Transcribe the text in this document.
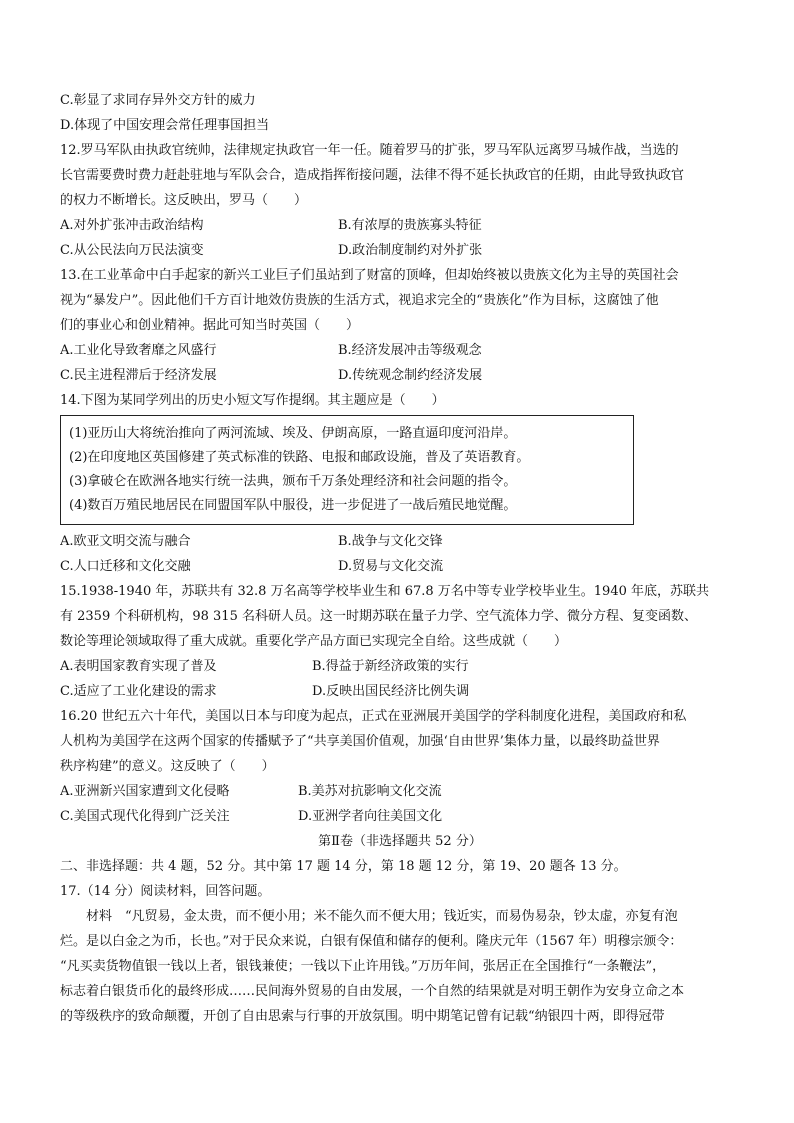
C.彰显了求同存异外交方针的威力
D.体现了中国安理会常任理事国担当
12.罗马军队由执政官统帅，法律规定执政官一年一任。随着罗马的扩张，罗马军队远离罗马城作战，当选的
长官需要费时费力赶赴驻地与军队会合，造成指挥衔接问题，法律不得不延长执政官的任期，由此导致执政官
的权力不断增长。这反映出，罗马（　　）
A.对外扩张冲击政治结构	B.有浓厚的贵族寡头特征
C.从公民法向万民法演变	D.政治制度制约对外扩张
13.在工业革命中白手起家的新兴工业巨子们虽站到了财富的顶峰，但却始终被以贵族文化为主导的英国社会
视为“暴发户”。因此他们千方百计地效仿贵族的生活方式，视追求完全的“贵族化”作为目标，这腐蚀了他
们的事业心和创业精神。据此可知当时英国（　　）
A.工业化导致奢靡之风盛行	B.经济发展冲击等级观念
C.民主进程滞后于经济发展	D.传统观念制约经济发展
14.下图为某同学列出的历史小短文写作提纲。其主题应是（　　）
(1)亚历山大将统治推向了两河流域、埃及、伊朗高原，一路直逼印度河沿岸。
(2)在印度地区英国修建了英式标准的铁路、电报和邮政设施，普及了英语教育。
(3)拿破仑在欧洲各地实行统一法典，颁布千万条处理经济和社会问题的指令。
(4)数百万殖民地居民在同盟国军队中服役，进一步促进了一战后殖民地觉醒。
A.欧亚文明交流与融合	B.战争与文化交锋
C.人口迁移和文化交融	D.贸易与文化交流
15.1938-1940 年，苏联共有 32.8 万名高等学校毕业生和 67.8 万名中等专业学校毕业生。1940 年底，苏联共
有 2359 个科研机构，98 315 名科研人员。这一时期苏联在量子力学、空气流体力学、微分方程、复变函数、
数论等理论领域取得了重大成就。重要化学产品方面已实现完全自给。这些成就（　　）
A.表明国家教育实现了普及	B.得益于新经济政策的实行
C.适应了工业化建设的需求	D.反映出国民经济比例失调
16.20 世纪五六十年代，美国以日本与印度为起点，正式在亚洲展开美国学的学科制度化进程，美国政府和私
人机构为美国学在这两个国家的传播赋予了“共享美国价值观，加强‘自由世界’集体力量，以最终助益世界
秩序构建”的意义。这反映了（　　）
A.亚洲新兴国家遭到文化侵略	B.美苏对抗影响文化交流
C.美国式现代化得到广泛关注	D.亚洲学者向往美国文化
第Ⅱ卷（非选择题共 52 分）
二、非选择题：共 4 题，52 分。其中第 17 题 14 分，第 18 题 12 分，第 19、20 题各 13 分。
17.（14 分）阅读材料，回答问题。
材料　“凡贸易，金太贵，而不便小用；米不能久而不便大用；钱近实，而易伪易杂，钞太虚，亦复有泡
烂。是以白金之为币，长也。”对于民众来说，白银有保值和储存的便利。隆庆元年（1567 年）明穆宗颁令：
“凡买卖货物值银一钱以上者，银钱兼使；一钱以下止许用钱。”万历年间，张居正在全国推行“一条鞭法”，
标志着白银货币化的最终形成……民间海外贸易的自由发展，一个自然的结果就是对明王朝作为安身立命之本
的等级秩序的致命颠覆，开创了自由思索与行事的开放氛围。明中期笔记曾有记载“纳银四十两，即得冠带
